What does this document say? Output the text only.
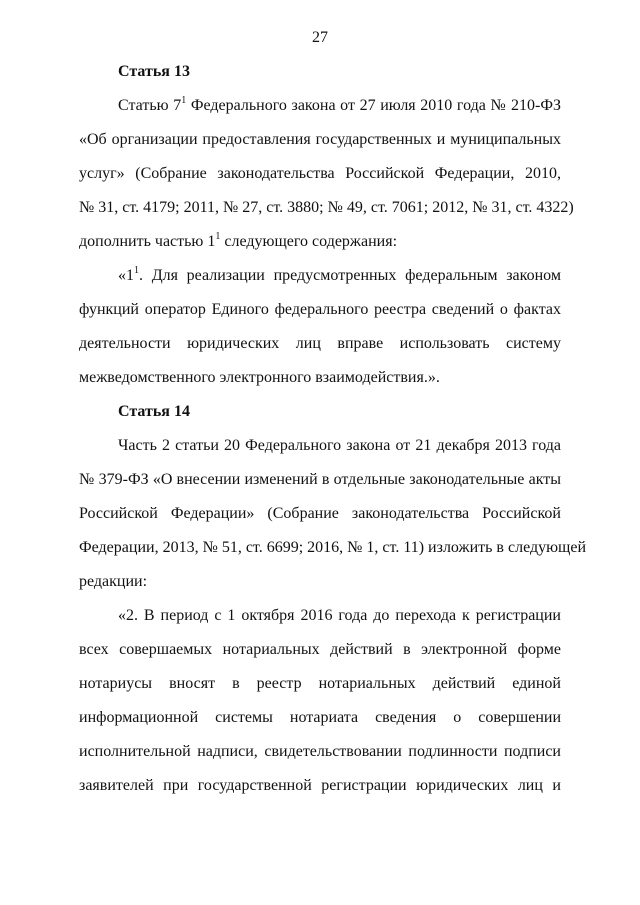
27
Статья 13
Статью $7^1$ Федерального закона от 27 июля 2010 года № 210-ФЗ
«Об организации предоставления государственных и муниципальных
услуг» (Собрание законодательства Российской Федерации, 2010,
№ 31, ст. 4179; 2011, № 27, ст. 3880; № 49, ст. 7061; 2012, № 31, ст. 4322)
дополнить частью $1^1$ следующего содержания:
«$1^1$. Для реализации предусмотренных федеральным законом
функций оператор Единого федерального реестра сведений о фактах
деятельности юридических лиц вправе использовать систему
межведомственного электронного взаимодействия.».
Статья 14
Часть 2 статьи 20 Федерального закона от 21 декабря 2013 года
№ 379-ФЗ «О внесении изменений в отдельные законодательные акты
Российской Федерации» (Собрание законодательства Российской
Федерации, 2013, № 51, ст. 6699; 2016, № 1, ст. 11) изложить в следующей
редакции:
«2. В период с 1 октября 2016 года до перехода к регистрации
всех совершаемых нотариальных действий в электронной форме
нотариусы вносят в реестр нотариальных действий единой
информационной системы нотариата сведения о совершении
исполнительной надписи, свидетельствовании подлинности подписи
заявителей при государственной регистрации юридических лиц и
